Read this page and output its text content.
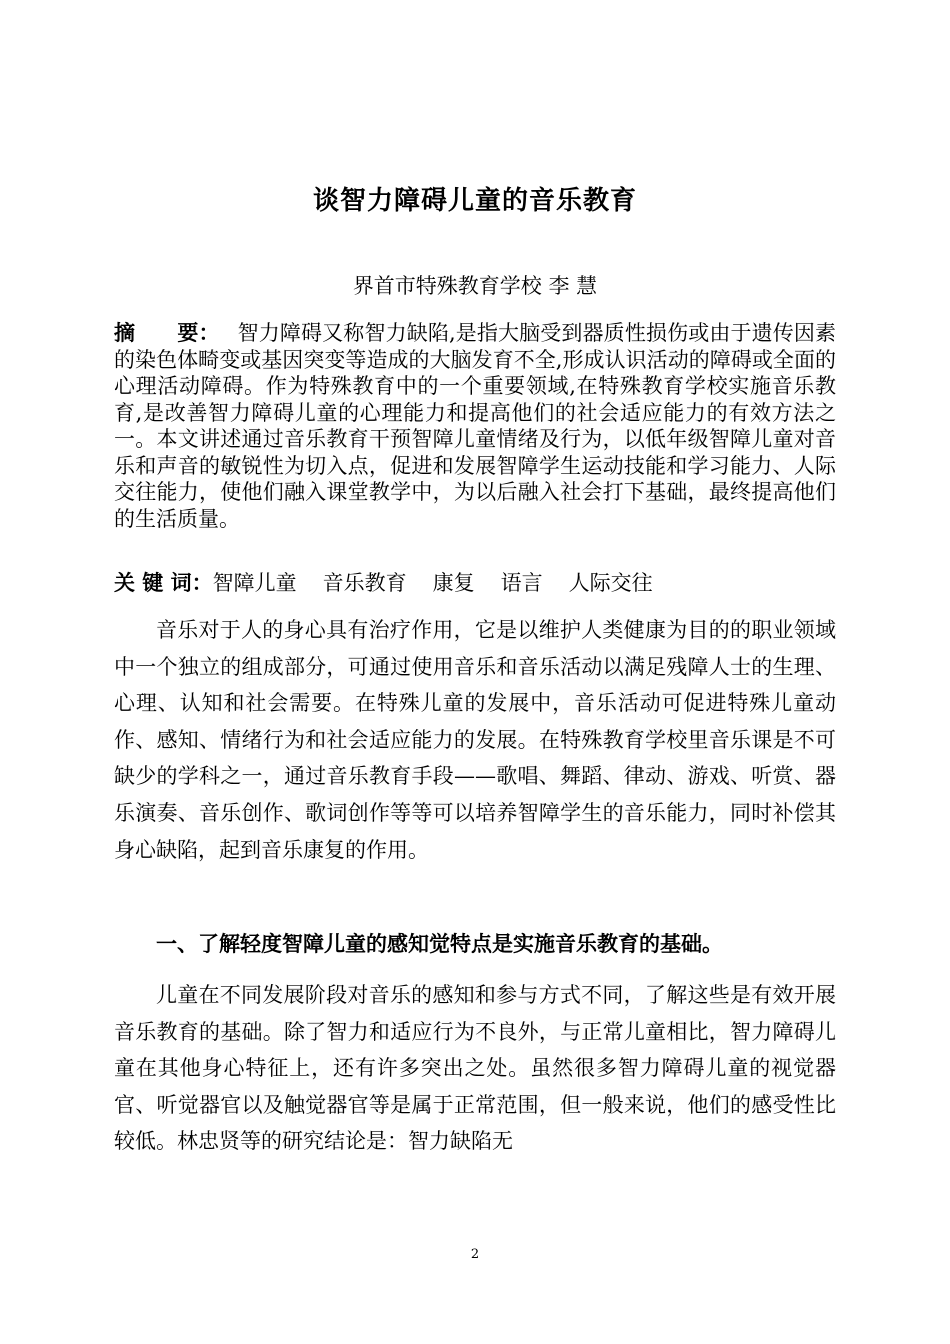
谈智力障碍儿童的音乐教育
界首市特殊教育学校 李 慧
摘　　要： 智力障碍又称智力缺陷,是指大脑受到器质性损伤或由于遗传因素的染色体畸变或基因突变等造成的大脑发育不全,形成认识活动的障碍或全面的心理活动障碍。作为特殊教育中的一个重要领域,在特殊教育学校实施音乐教育,是改善智力障碍儿童的心理能力和提高他们的社会适应能力的有效方法之一。本文讲述通过音乐教育干预智障儿童情绪及行为，以低年级智障儿童对音乐和声音的敏锐性为切入点，促进和发展智障学生运动技能和学习能力、人际交往能力，使他们融入课堂教学中，为以后融入社会打下基础，最终提高他们的生活质量。
关 键 词：智障儿童 音乐教育 康复 语言 人际交往

音乐对于人的身心具有治疗作用，它是以维护人类健康为目的的职业领域中一个独立的组成部分，可通过使用音乐和音乐活动以满足残障人士的生理、心理、认知和社会需要。在特殊儿童的发展中，音乐活动可促进特殊儿童动作、感知、情绪行为和社会适应能力的发展。在特殊教育学校里音乐课是不可缺少的学科之一，通过音乐教育手段——歌唱、舞蹈、律动、游戏、听赏、器乐演奏、音乐创作、歌词创作等等可以培养智障学生的音乐能力，同时补偿其身心缺陷，起到音乐康复的作用。

一、了解轻度智障儿童的感知觉特点是实施音乐教育的基础。

儿童在不同发展阶段对音乐的感知和参与方式不同，了解这些是有效开展音乐教育的基础。除了智力和适应行为不良外，与正常儿童相比，智力障碍儿童在其他身心特征上，还有许多突出之处。虽然很多智力障碍儿童的视觉器官、听觉器官以及触觉器官等是属于正常范围，但一般来说，他们的感受性比较低。林忠贤等的研究结论是：智力缺陷无

2
